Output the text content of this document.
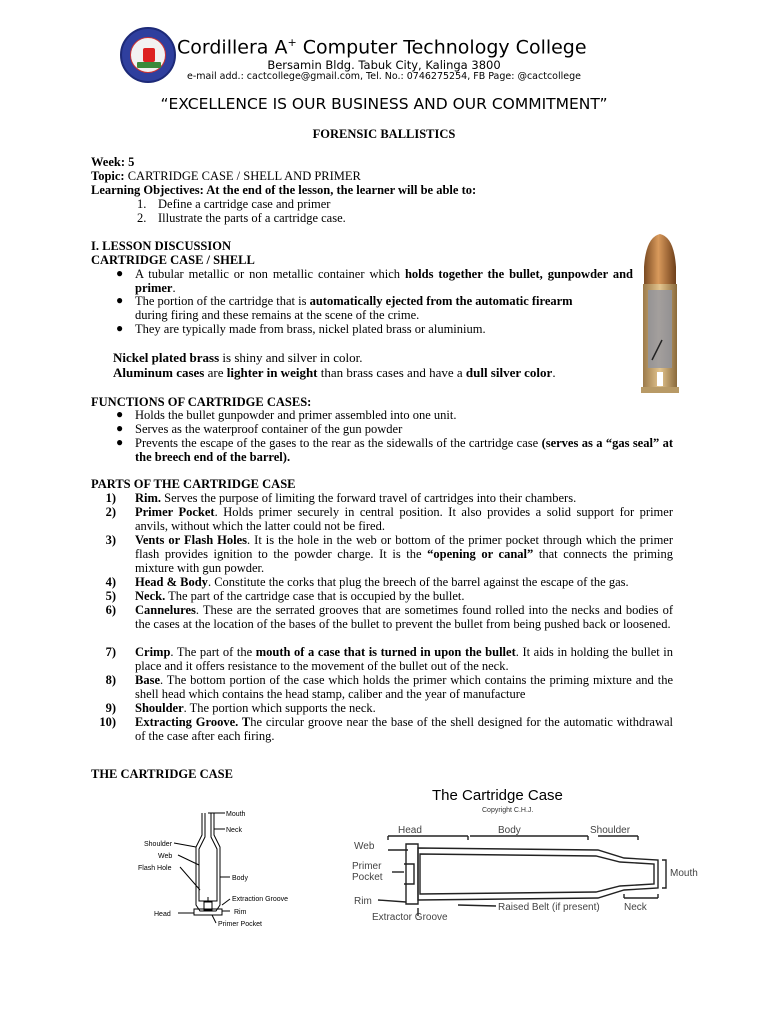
Cordillera A+ Computer Technology College
Bersamin Bldg. Tabuk City, Kalinga 3800
e-mail add.: cactcollege@gmail.com, Tel. No.: 0746275254, FB Page: @cactcollege
“EXCELLENCE IS OUR BUSINESS AND OUR COMMITMENT”
FORENSIC BALLISTICS
Week: 5
Topic: CARTRIDGE CASE / SHELL AND PRIMER
Learning Objectives: At the end of the lesson, the learner will be able to:
1. Define a cartridge case and primer
2. Illustrate the parts of a cartridge case.
I. LESSON DISCUSSION
CARTRIDGE CASE / SHELL
● A tubular metallic or non metallic container which holds together the bullet, gunpowder and primer.
● The portion of the cartridge that is automatically ejected from the automatic firearm
during firing and these remains at the scene of the crime.
● They are typically made from brass, nickel plated brass or aluminium.
Nickel plated brass is shiny and silver in color.
Aluminum cases are lighter in weight than brass cases and have a dull silver color.
FUNCTIONS OF CARTRIDGE CASES:
● Holds the bullet gunpowder and primer assembled into one unit.
● Serves as the waterproof container of the gun powder
● Prevents the escape of the gases to the rear as the sidewalls of the cartridge case (serves as a “gas seal” at the breech end of the barrel).
PARTS OF THE CARTRIDGE CASE
1) Rim. Serves the purpose of limiting the forward travel of cartridges into their chambers.
2) Primer Pocket. Holds primer securely in central position. It also provides a solid support for primer anvils, without which the latter could not be fired.
3) Vents or Flash Holes. It is the hole in the web or bottom of the primer pocket through which the primer flash provides ignition to the powder charge. It is the “opening or canal” that connects the priming mixture with gun powder.
4) Head & Body. Constitute the corks that plug the breech of the barrel against the escape of the gas.
5) Neck. The part of the cartridge case that is occupied by the bullet.
6) Cannelures. These are the serrated grooves that are sometimes found rolled into the necks and bodies of the cases at the location of the bases of the bullet to prevent the bullet from being pushed back or loosened.
7) Crimp. The part of the mouth of a case that is turned in upon the bullet. It aids in holding the bullet in place and it offers resistance to the movement of the bullet out of the neck.
8) Base. The bottom portion of the case which holds the primer which contains the priming mixture and the shell head which contains the head stamp, caliber and the year of manufacture
9) Shoulder. The portion which supports the neck.
10) Extracting Groove. The circular groove near the base of the shell designed for the automatic withdrawal of the case after each firing.
THE CARTRIDGE CASE
Mouth
Neck
Shoulder
Web
Flash Hole
Body
Extraction Groove
Rim
Head
Primer Pocket
The Cartridge Case
Copyright C.H.J.
Head	Body	Shoulder
Web
Primer
Pocket	Mouth
Rim
Raised Belt (if present) Neck
Extractor Groove
